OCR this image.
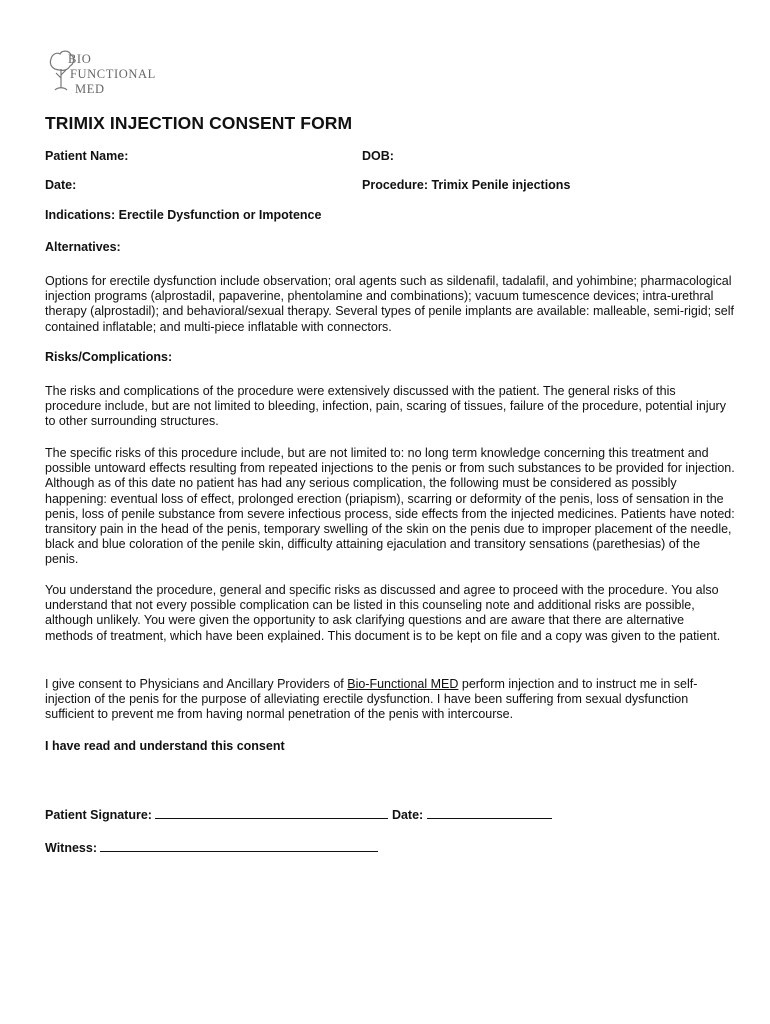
BIO
FUNCTIONAL
MED
TRIMIX INJECTION CONSENT FORM
Patient Name:	DOB:
Date:	Procedure: Trimix Penile injections
Indications: Erectile Dysfunction or Impotence
Alternatives:
Options for erectile dysfunction include observation; oral agents such as sildenafil, tadalafil, and yohimbine; pharmacological injection programs (alprostadil, papaverine, phentolamine and combinations); vacuum tumescence devices; intra-urethral therapy (alprostadil); and behavioral/sexual therapy. Several types of penile implants are available: malleable, semi-rigid; self contained inflatable; and multi-piece inflatable with connectors.
Risks/Complications:
The risks and complications of the procedure were extensively discussed with the patient. The general risks of this procedure include, but are not limited to bleeding, infection, pain, scaring of tissues, failure of the procedure, potential injury to other surrounding structures.
The specific risks of this procedure include, but are not limited to: no long term knowledge concerning this treatment and possible untoward effects resulting from repeated injections to the penis or from such substances to be provided for injection. Although as of this date no patient has had any serious complication, the following must be considered as possibly happening: eventual loss of effect, prolonged erection (priapism), scarring or deformity of the penis, loss of sensation in the penis, loss of penile substance from severe infectious process, side effects from the injected medicines. Patients have noted: transitory pain in the head of the penis, temporary swelling of the skin on the penis due to improper placement of the needle, black and blue coloration of the penile skin, difficulty attaining ejaculation and transitory sensations (parethesias) of the penis.
You understand the procedure, general and specific risks as discussed and agree to proceed with the procedure. You also understand that not every possible complication can be listed in this counseling note and additional risks are possible, although unlikely. You were given the opportunity to ask clarifying questions and are aware that there are alternative methods of treatment, which have been explained. This document is to be kept on file and a copy was given to the patient.
I give consent to Physicians and Ancillary Providers of Bio-Functional MED perform injection and to instruct me in self-injection of the penis for the purpose of alleviating erectile dysfunction. I have been suffering from sexual dysfunction sufficient to prevent me from having normal penetration of the penis with intercourse.
I have read and understand this consent
Patient Signature:	Date:
Witness:
